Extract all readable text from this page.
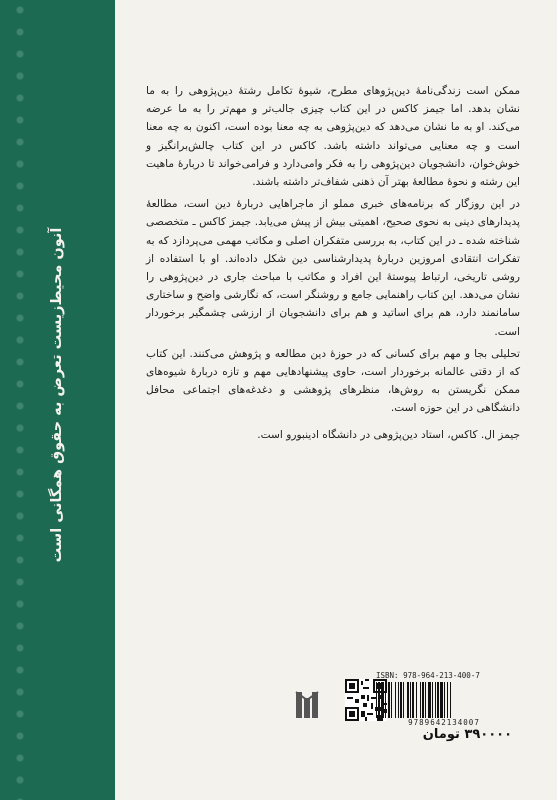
آنون محیط‌زیست تعرض به حقوق همگانی است

ممکن است زندگی‌نامهٔ دین‌پژوهای مطرح، شیوهٔ تکامل رشتهٔ دین‌پژوهی را به ما نشان بدهد. اما جیمز کاکس در این کتاب چیزی جالب‌تر و مهم‌تر را به ما عرضه می‌کند. او به ما نشان می‌دهد که دین‌پژوهی به چه معنا بوده است، اکنون به چه معنا است و چه معنایی می‌تواند داشته باشد. کاکس در این کتاب چالش‌برانگیز و خوش‌خوان، دانشجویان دین‌پژوهی را به فکر وامی‌دارد و فرامی‌خواند تا دربارهٔ ماهیت این رشته و نحوهٔ مطالعهٔ بهتر آن ذهنی شفاف‌تر داشته باشند.

در این روزگار که برنامه‌های خبری مملو از ماجراهایی دربارهٔ دین است، مطالعهٔ پدیدارهای دینی به نحوی صحیح، اهمیتی بیش از پیش می‌یابد. جیمز کاکس ـ متخصصی شناخته شده ـ در این کتاب، به بررسی متفکران اصلی و مکاتب مهمی می‌پردازد که به تفکرات انتقادی امروزین دربارهٔ پدیدارشناسی دین شکل داده‌اند. او با استفاده از روشی تاریخی، ارتباط پیوستهٔ این افراد و مکاتب با مباحث جاری در دین‌پژوهی را نشان می‌دهد. این کتاب راهنمایی جامع و روشنگر است، که نگارشی واضح و ساختاری سامانمند دارد، هم برای اساتید و هم برای دانشجویان از ارزشی چشمگیر برخوردار است.

تحلیلی بجا و مهم برای کسانی که در حوزهٔ دین مطالعه و پژوهش می‌کنند. این کتاب که از دقتی عالمانه برخوردار است، حاوی پیشنهادهایی مهم و تازه دربارهٔ شیوه‌های ممکن نگریستن به روش‌ها، منظرهای پژوهشی و دغدغه‌های اجتماعی محافل دانشگاهی در این حوزه است.

جیمز ال. کاکس، استاد دین‌پژوهی در دانشگاه ادینبورو است.

ISBN: 978-964-213-400-7
9789642134007
۳۹۰۰۰۰ تومان
